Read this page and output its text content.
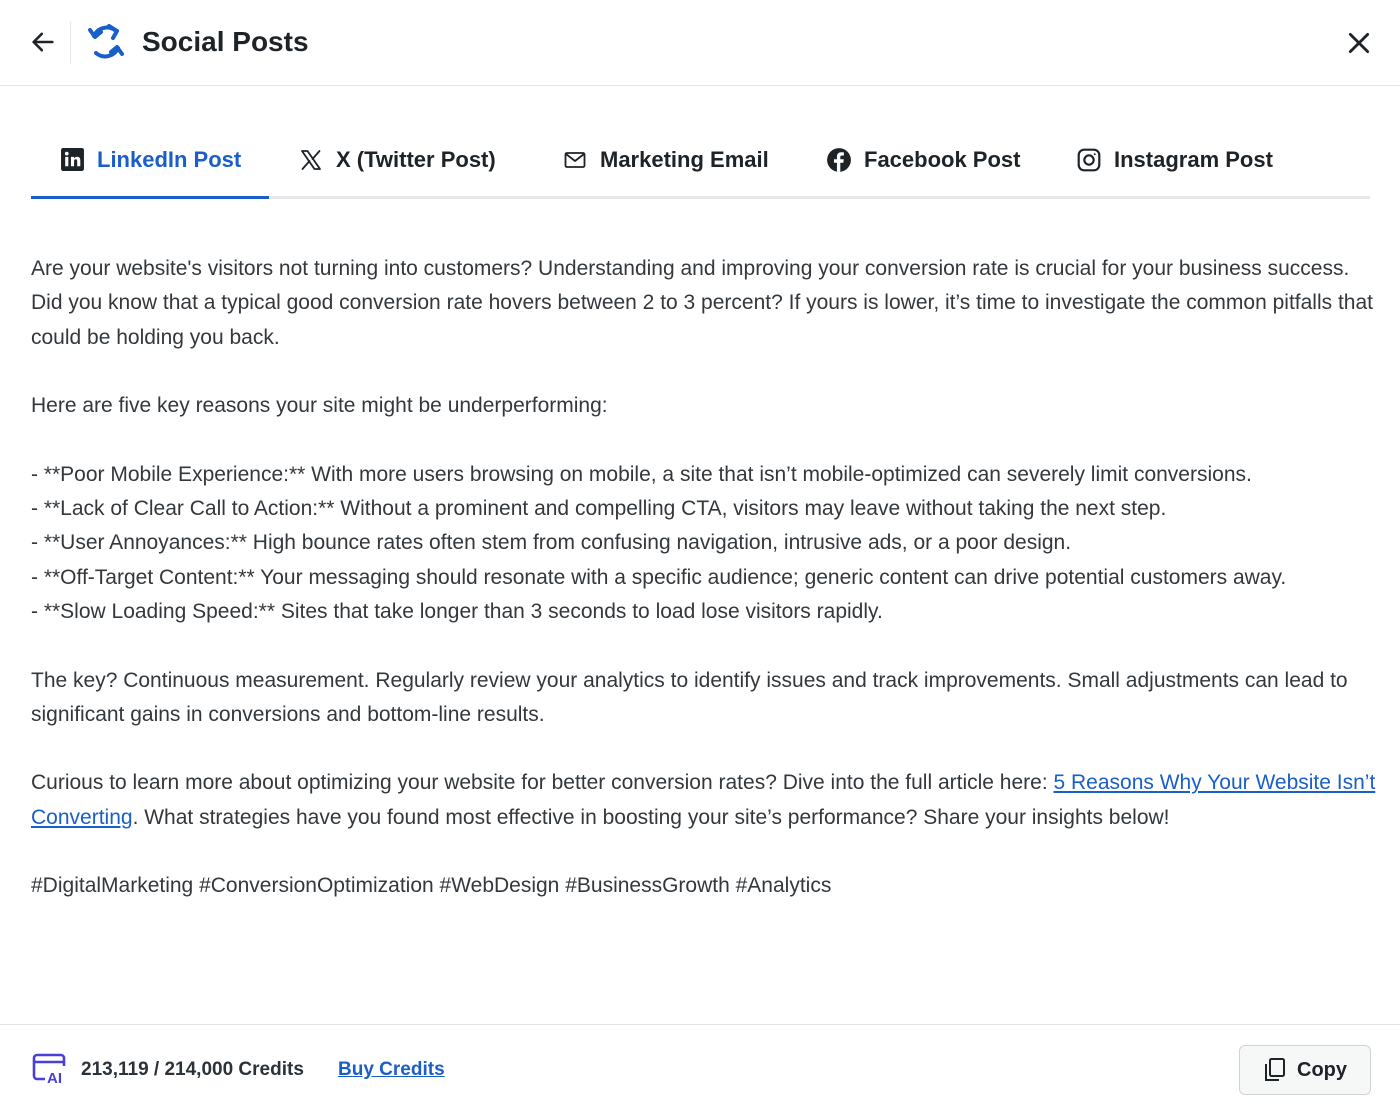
Social Posts
LinkedIn Post	X (Twitter Post)	Marketing Email	Facebook Post	Instagram Post

Are your website's visitors not turning into customers? Understanding and improving your conversion rate is crucial for your business success. Did you know that a typical good conversion rate hovers between 2 to 3 percent? If yours is lower, it’s time to investigate the common pitfalls that could be holding you back.

Here are five key reasons your site might be underperforming:

- **Poor Mobile Experience:** With more users browsing on mobile, a site that isn’t mobile-optimized can severely limit conversions.
- **Lack of Clear Call to Action:** Without a prominent and compelling CTA, visitors may leave without taking the next step.
- **User Annoyances:** High bounce rates often stem from confusing navigation, intrusive ads, or a poor design.
- **Off-Target Content:** Your messaging should resonate with a specific audience; generic content can drive potential customers away.
- **Slow Loading Speed:** Sites that take longer than 3 seconds to load lose visitors rapidly.

The key? Continuous measurement. Regularly review your analytics to identify issues and track improvements. Small adjustments can lead to significant gains in conversions and bottom-line results.

Curious to learn more about optimizing your website for better conversion rates? Dive into the full article here: 5 Reasons Why Your Website Isn’t Converting. What strategies have you found most effective in boosting your site’s performance? Share your insights below!

#DigitalMarketing #ConversionOptimization #WebDesign #BusinessGrowth #Analytics

AI 213,119 / 214,000 Credits Buy Credits	Copy
